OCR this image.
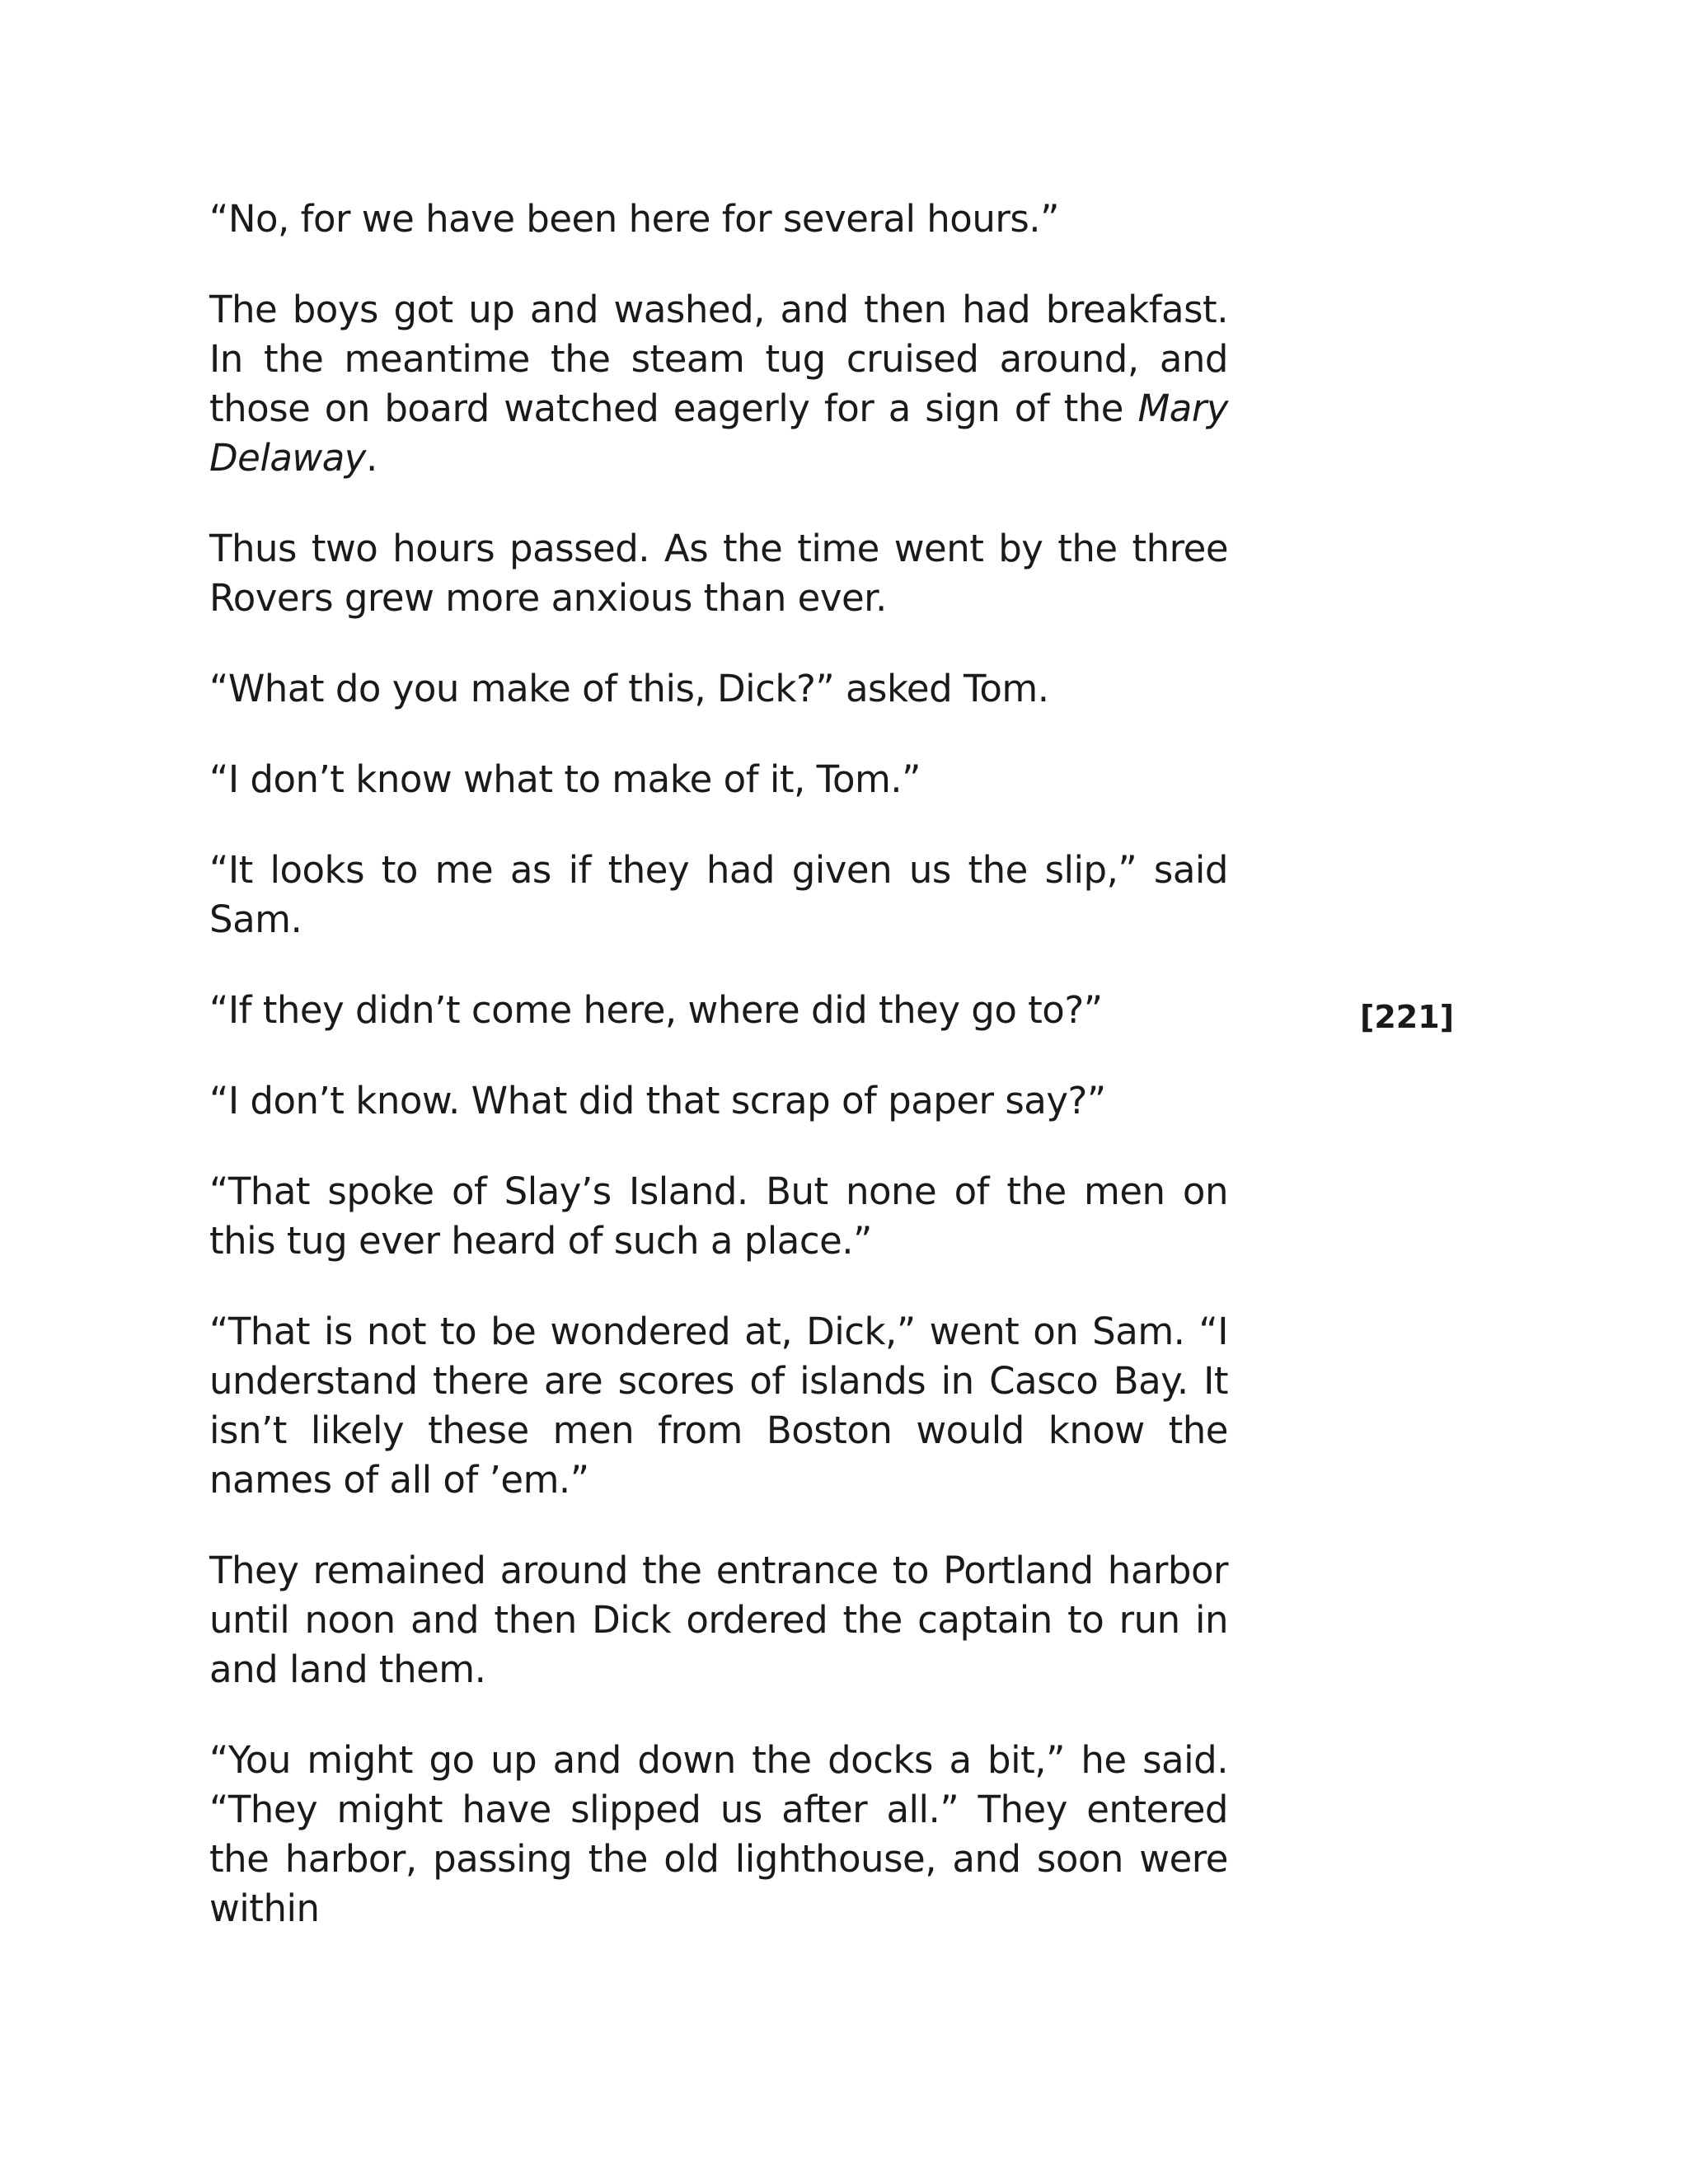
“No, for we have been here for several hours.”

The boys got up and washed, and then had breakfast. In the meantime the steam tug cruised around, and those on board watched eagerly for a sign of the Mary Delaway.

Thus two hours passed. As the time went by the three Rovers grew more anxious than ever.

“What do you make of this, Dick?” asked Tom.

“I don’t know what to make of it, Tom.”

“It looks to me as if they had given us the slip,” said Sam.

“If they didn’t come here, where did they go to?”

“I don’t know. What did that scrap of paper say?”

“That spoke of Slay’s Island. But none of the men on this tug ever heard of such a place.”

“That is not to be wondered at, Dick,” went on Sam. “I understand there are scores of islands in Casco Bay. It isn’t likely these men from Boston would know the names of all of ’em.”

They remained around the entrance to Portland harbor until noon and then Dick ordered the captain to run in and land them.

“You might go up and down the docks a bit,” he said. “They might have slipped us after all.” They entered the harbor, passing the old lighthouse, and soon were within

[221]
